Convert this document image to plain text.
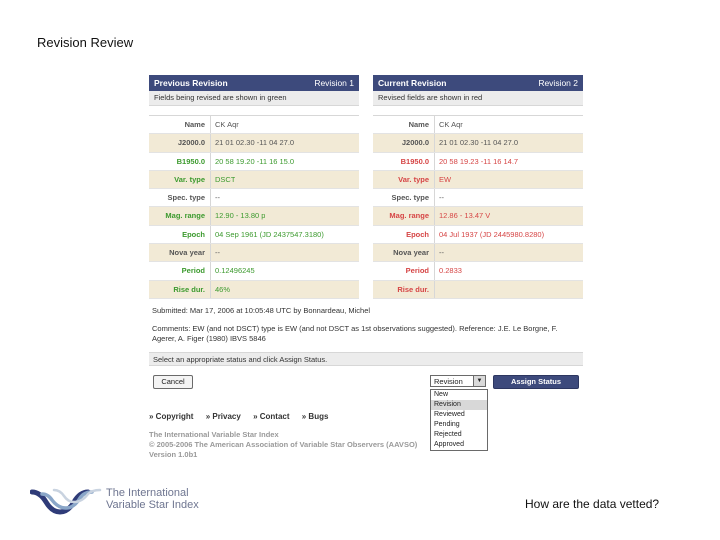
Revision Review
Previous Revision	Revision 1
Fields being revised are shown in green
Name	CK Aqr
J2000.0	21 01 02.30 -11 04 27.0
B1950.0	20 58 19.20 -11 16 15.0
Var. type	DSCT
Spec. type	--
Mag. range	12.90 - 13.80 p
Epoch	04 Sep 1961 (JD 2437547.3180)
Nova year	--
Period	0.12496245
Rise dur.	46%
Current Revision	Revision 2
Revised fields are shown in red
Name	CK Aqr
J2000.0	21 01 02.30 -11 04 27.0
B1950.0	20 58 19.23 -11 16 14.7
Var. type	EW
Spec. type	--
Mag. range	12.86 - 13.47 V
Epoch	04 Jul 1937 (JD 2445980.8280)
Nova year	--
Period	0.2833
Rise dur.
Submitted: Mar 17, 2006 at 10:05:48 UTC by Bonnardeau, Michel
Comments: EW (and not DSCT) type is EW (and not DSCT as 1st observations suggested). Reference: J.E. Le Borgne, F. Agerer, A. Figer (1980) IBVS 5846
Select an appropriate status and click Assign Status.
Cancel	Revision	▼	Assign Status
New
Revision
Reviewed
Pending
Rejected
Approved
» Copyright » Privacy » Contact » Bugs
The International Variable Star Index
© 2005-2006 The American Association of Variable Star Observers (AAVSO)
Version 1.0b1
The International
Variable Star Index	How are the data vetted?
